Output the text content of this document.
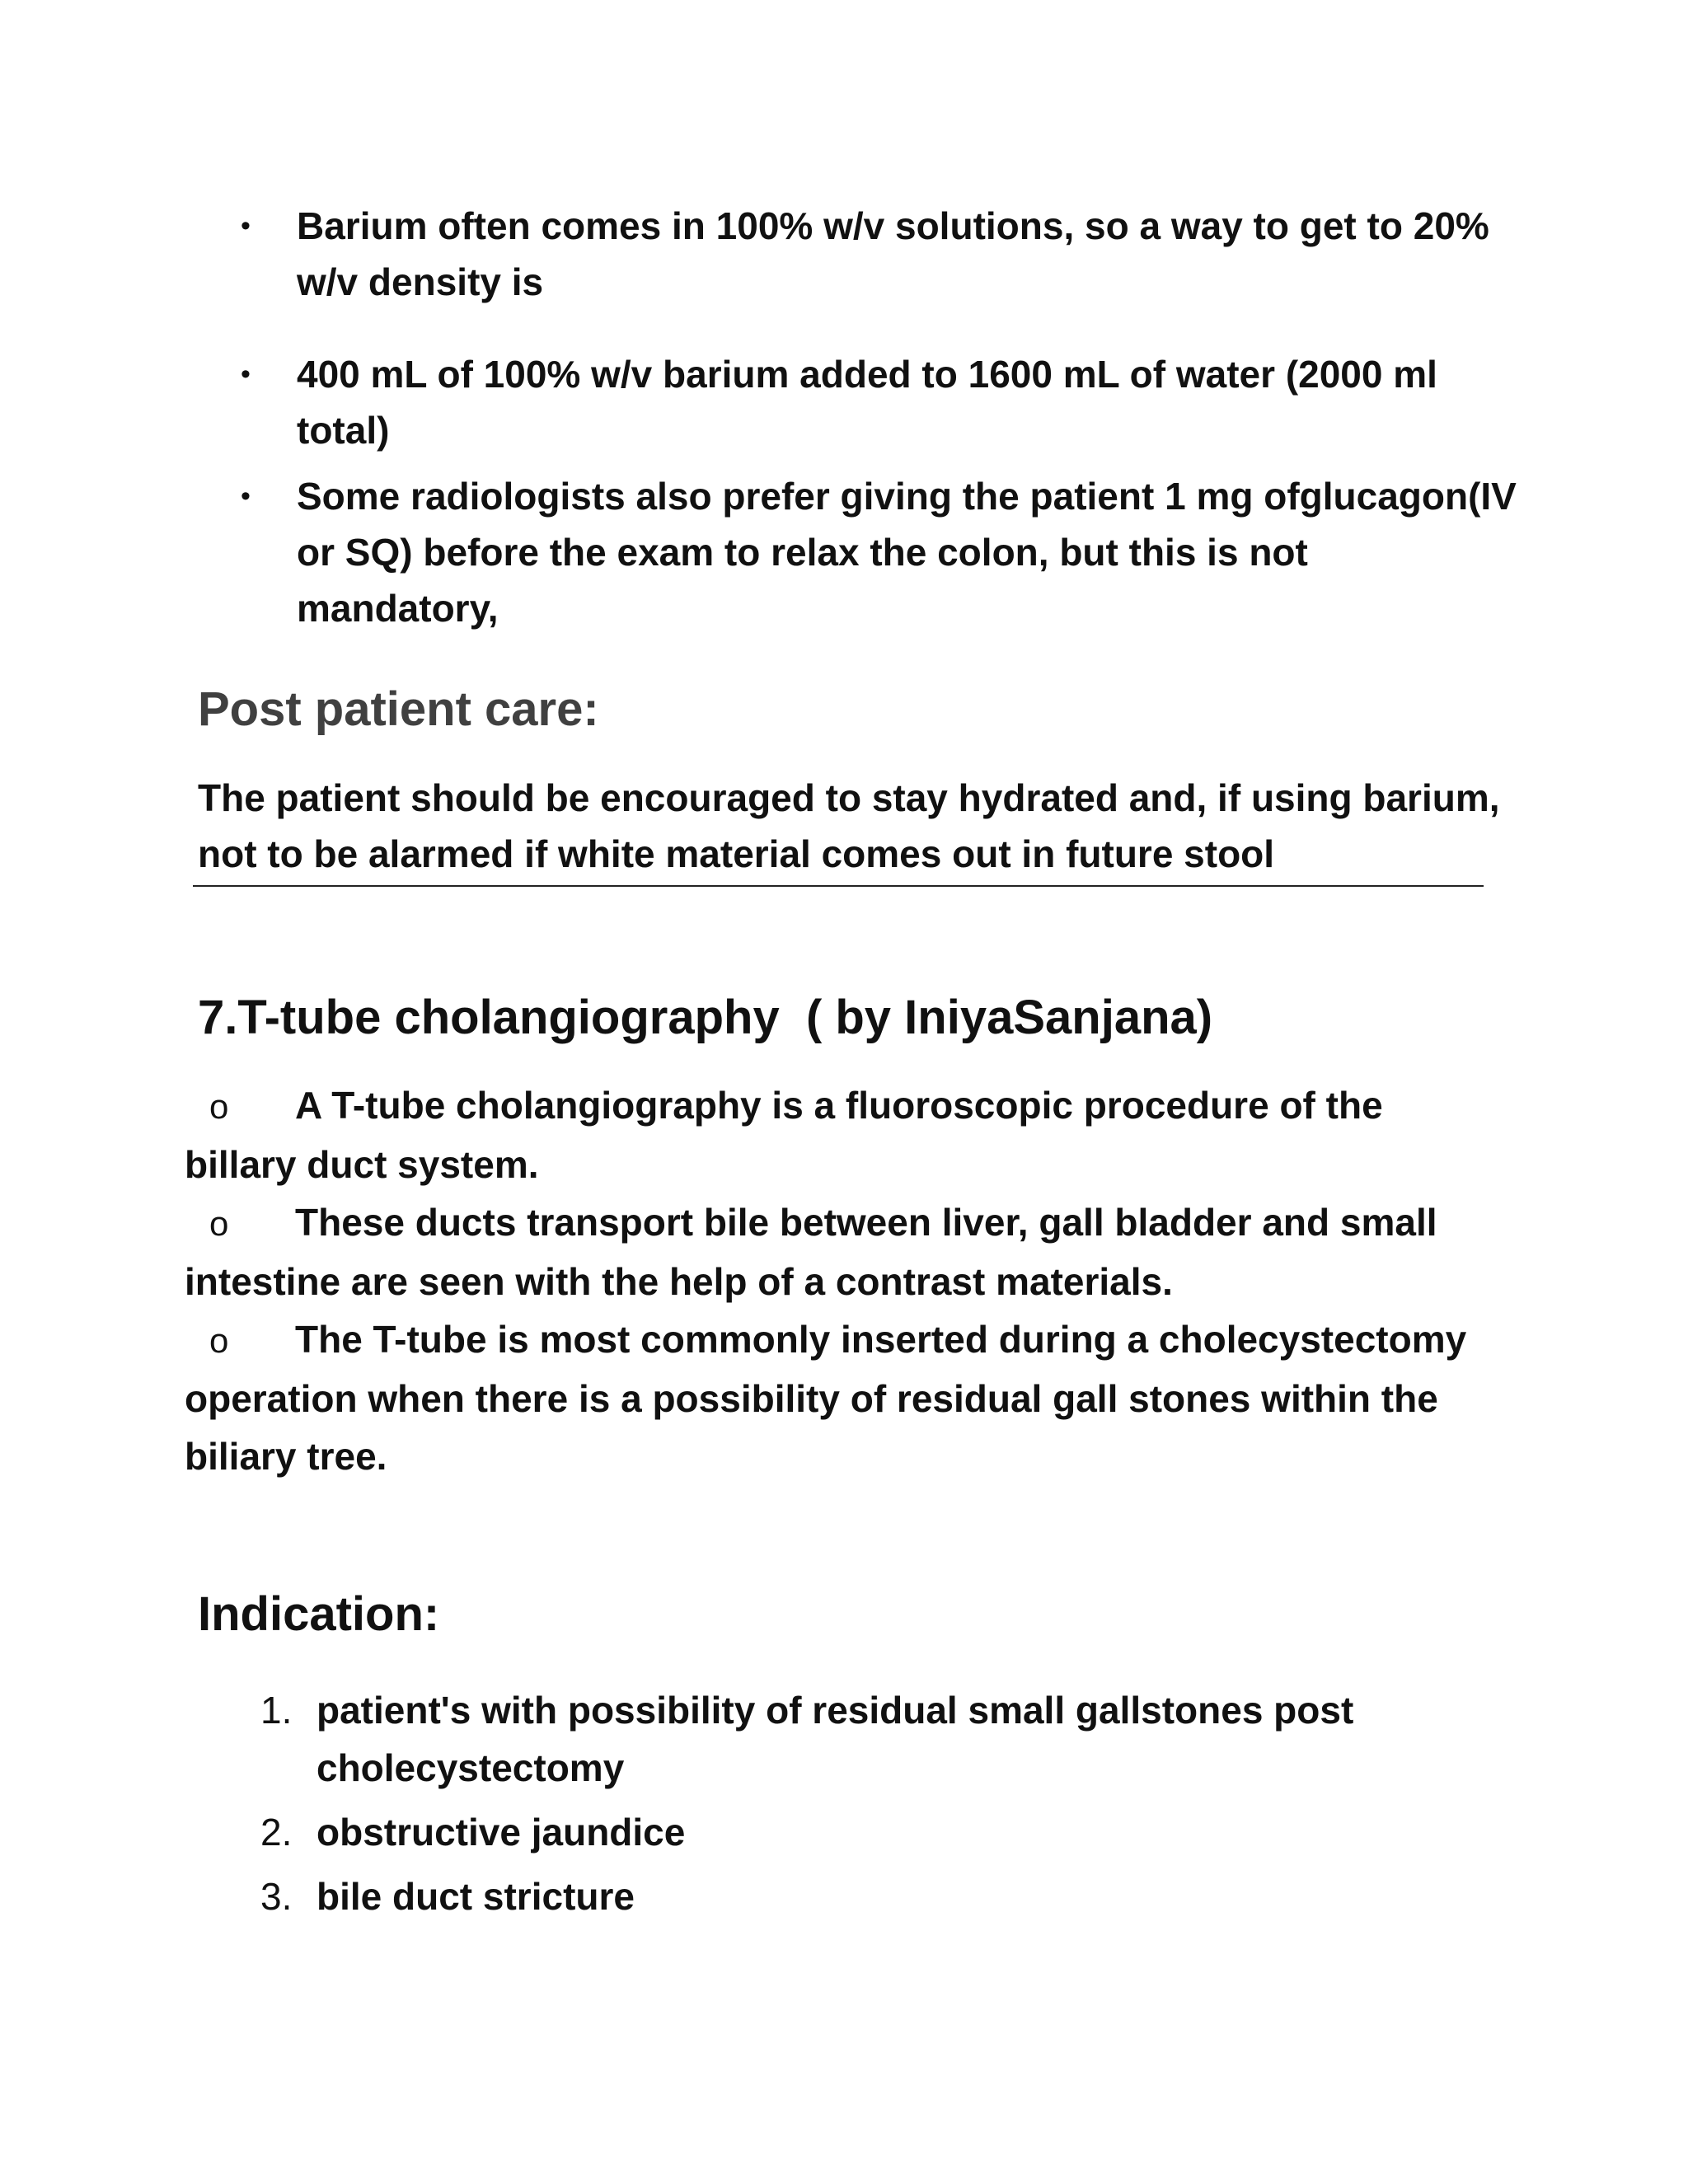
• Barium often comes in 100% w/v solutions, so a way to get to 20% w/v density is
• 400 mL of 100% w/v barium added to 1600 mL of water (2000 ml total)
• Some radiologists also prefer giving the patient 1 mg ofglucagon(IV or SQ) before the exam to relax the colon, but this is not mandatory,
Post patient care:

The patient should be encouraged to stay hydrated and, if using barium, not to be alarmed if white material comes out in future stool

7.T-tube cholangiography  ( by IniyaSanjana)
o A T-tube cholangiography is a fluoroscopic procedure of the billary duct system.
o These ducts transport bile between liver, gall bladder and small intestine are seen with the help of a contrast materials.
o The T-tube is most commonly inserted during a cholecystectomy operation when there is a possibility of residual gall stones within the biliary tree.
Indication:
1. patient's with possibility of residual small gallstones post cholecystectomy
2. obstructive jaundice
3. bile duct stricture
